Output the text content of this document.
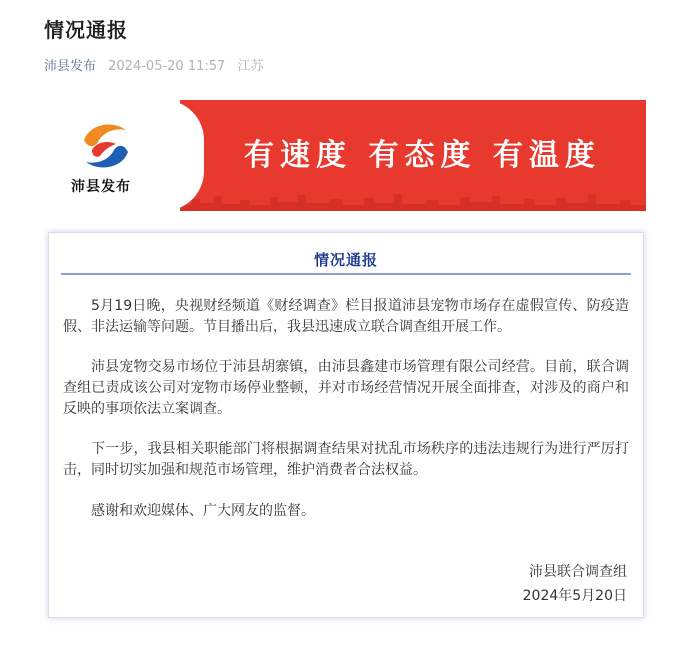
情况通报
沛县发布 2024-05-20 11:57 江苏
沛县发布
有速度 有态度 有温度
情况通报

5月19日晚，央视财经频道《财经调查》栏目报道沛县宠物市场存在虚假宣传、防疫造假、非法运输等问题。节目播出后，我县迅速成立联合调查组开展工作。

沛县宠物交易市场位于沛县胡寨镇，由沛县鑫建市场管理有限公司经营。目前，联合调查组已责成该公司对宠物市场停业整顿，并对市场经营情况开展全面排查，对涉及的商户和反映的事项依法立案调查。

下一步，我县相关职能部门将根据调查结果对扰乱市场秩序的违法违规行为进行严厉打击，同时切实加强和规范市场管理，维护消费者合法权益。

感谢和欢迎媒体、广大网友的监督。

沛县联合调查组
2024年5月20日
